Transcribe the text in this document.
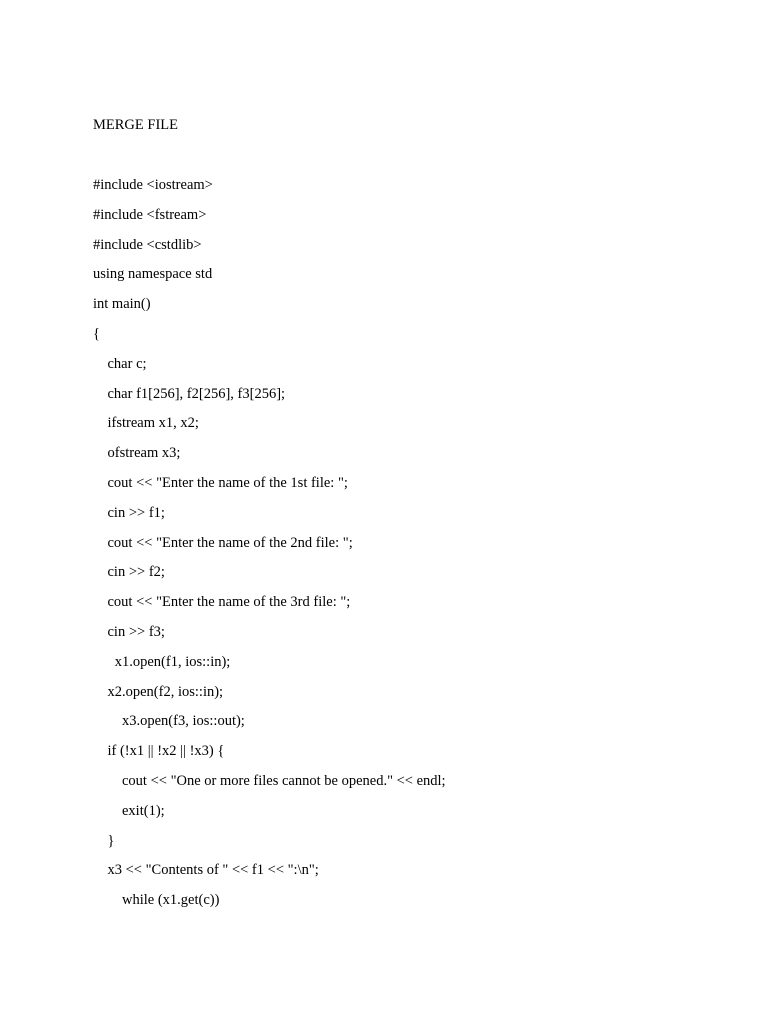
MERGE FILE
#include <iostream>
#include <fstream>
#include <cstdlib>
using namespace std
int main()
{
char c;
char f1[256], f2[256], f3[256];
ifstream x1, x2;
ofstream x3;
cout << "Enter the name of the 1st file: ";
cin >> f1;
cout << "Enter the name of the 2nd file: ";
cin >> f2;
cout << "Enter the name of the 3rd file: ";
cin >> f3;
x1.open(f1, ios::in);
x2.open(f2, ios::in);
x3.open(f3, ios::out);
if (!x1 || !x2 || !x3) {
cout << "One or more files cannot be opened." << endl;
exit(1);
}
x3 << "Contents of " << f1 << ":\n";
while (x1.get(c))
